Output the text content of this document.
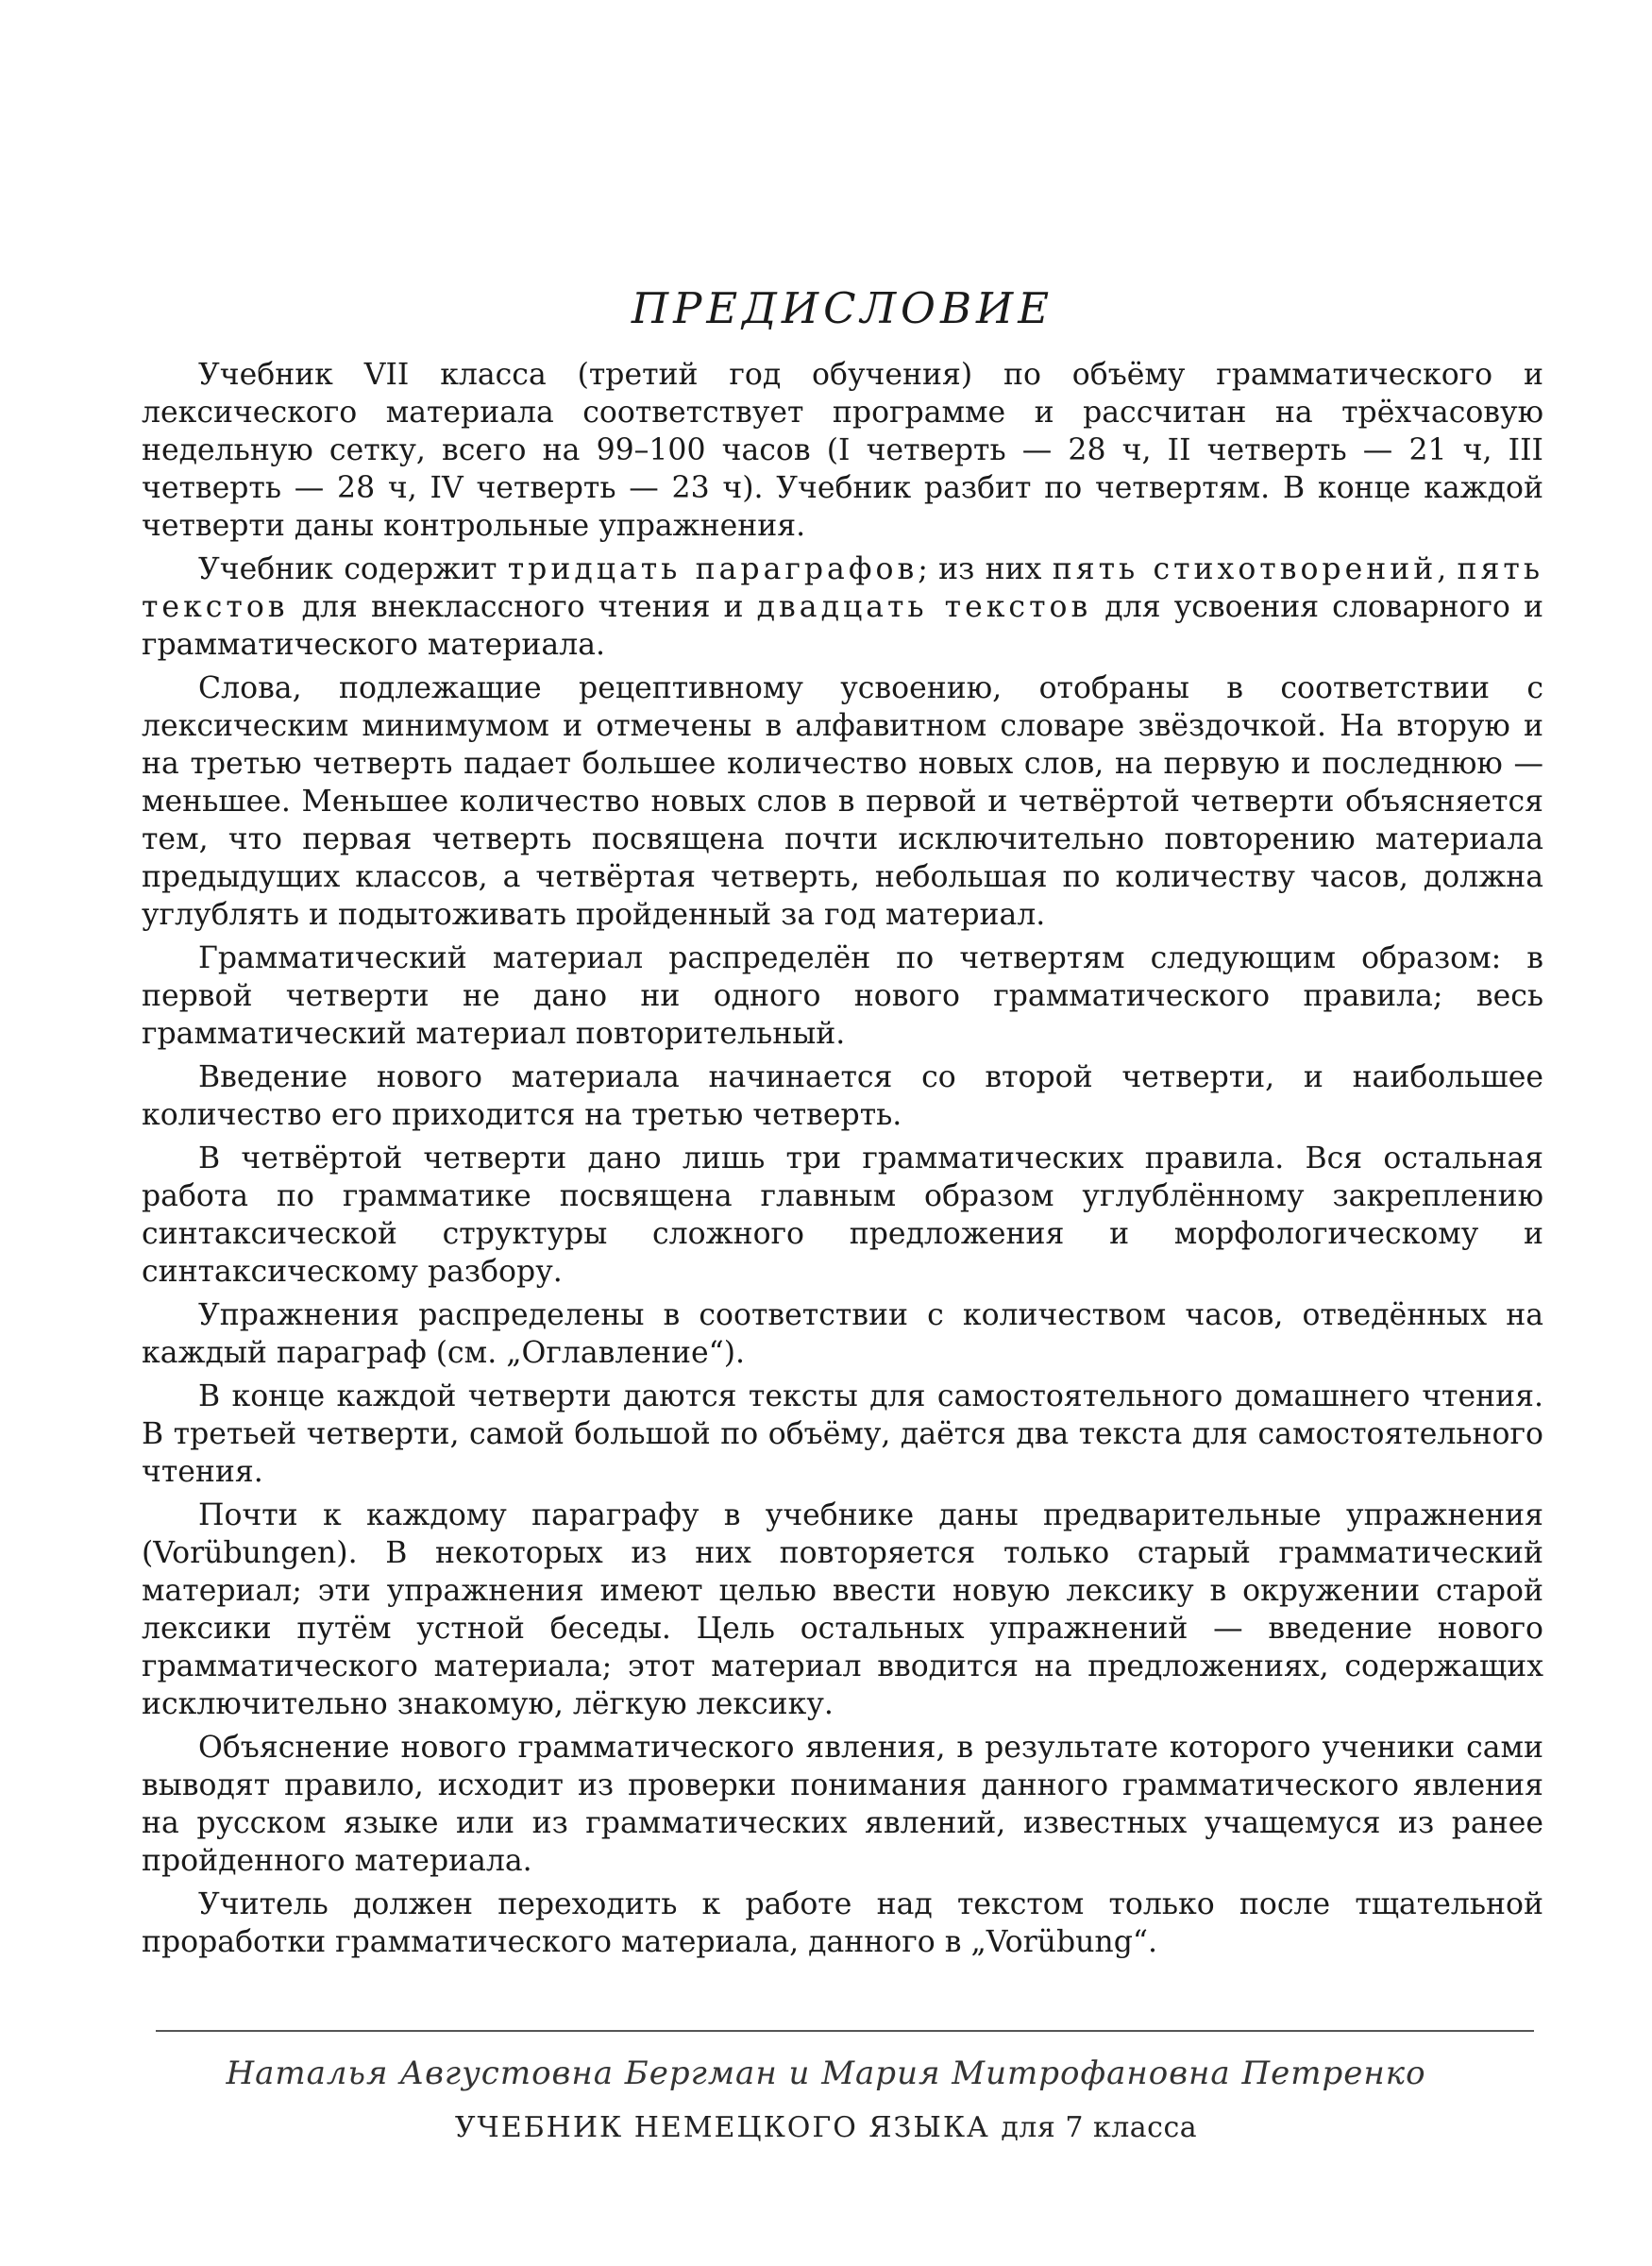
ПРЕДИСЛОВИЕ

Учебник VII класса (третий год обучения) по объёму грамматического и лексического материала соответствует программе и рассчитан на трёхчасовую недельную сетку, всего на 99–100 часов (I четверть — 28 ч, II четверть — 21 ч, III четверть — 28 ч, IV четверть — 23 ч). Учебник разбит по четвертям. В конце каждой четверти даны контрольные упражнения.

Учебник содержит тридцать параграфов; из них пять стихотворений, пять текстов для внеклассного чтения и двадцать текстов для усвоения словарного и грамматического материала.

Слова, подлежащие рецептивному усвоению, отобраны в соответствии с лексическим минимумом и отмечены в алфавитном словаре звёздочкой. На вторую и на третью четверть падает большее количество новых слов, на первую и последнюю — меньшее. Меньшее количество новых слов в первой и четвёртой четверти объясняется тем, что первая четверть посвящена почти исключительно повторению материала предыдущих классов, а четвёртая четверть, небольшая по количеству часов, должна углублять и подытоживать пройденный за год материал.

Грамматический материал распределён по четвертям следующим образом: в первой четверти не дано ни одного нового грамматического правила; весь грамматический материал повторительный.

Введение нового материала начинается со второй четверти, и наибольшее количество его приходится на третью четверть.

В четвёртой четверти дано лишь три грамматических правила. Вся остальная работа по грамматике посвящена главным образом углублённому закреплению синтаксической структуры сложного предложения и морфологическому и синтаксическому разбору.

Упражнения распределены в соответствии с количеством часов, отведённых на каждый параграф (см. „Оглавление“).

В конце каждой четверти даются тексты для самостоятельного домашнего чтения. В третьей четверти, самой большой по объёму, даётся два текста для самостоятельного чтения.

Почти к каждому параграфу в учебнике даны предварительные упражнения (Vorübungen). В некоторых из них повторяется только старый грамматический материал; эти упражнения имеют целью ввести новую лексику в окружении старой лексики путём устной беседы. Цель остальных упражнений — введение нового грамматического материала; этот материал вводится на предложениях, содержащих исключительно знакомую, лёгкую лексику.

Объяснение нового грамматического явления, в результате которого ученики сами выводят правило, исходит из проверки понимания данного грамматического явления на русском языке или из грамматических явлений, известных учащемуся из ранее пройденного материала.

Учитель должен переходить к работе над текстом только после тщательной проработки грамматического материала, данного в „Vorübung“.

Наталья Августовна Бергман и Мария Митрофановна Петренко
УЧЕБНИК НЕМЕЦКОГО ЯЗЫКА для 7 класса
